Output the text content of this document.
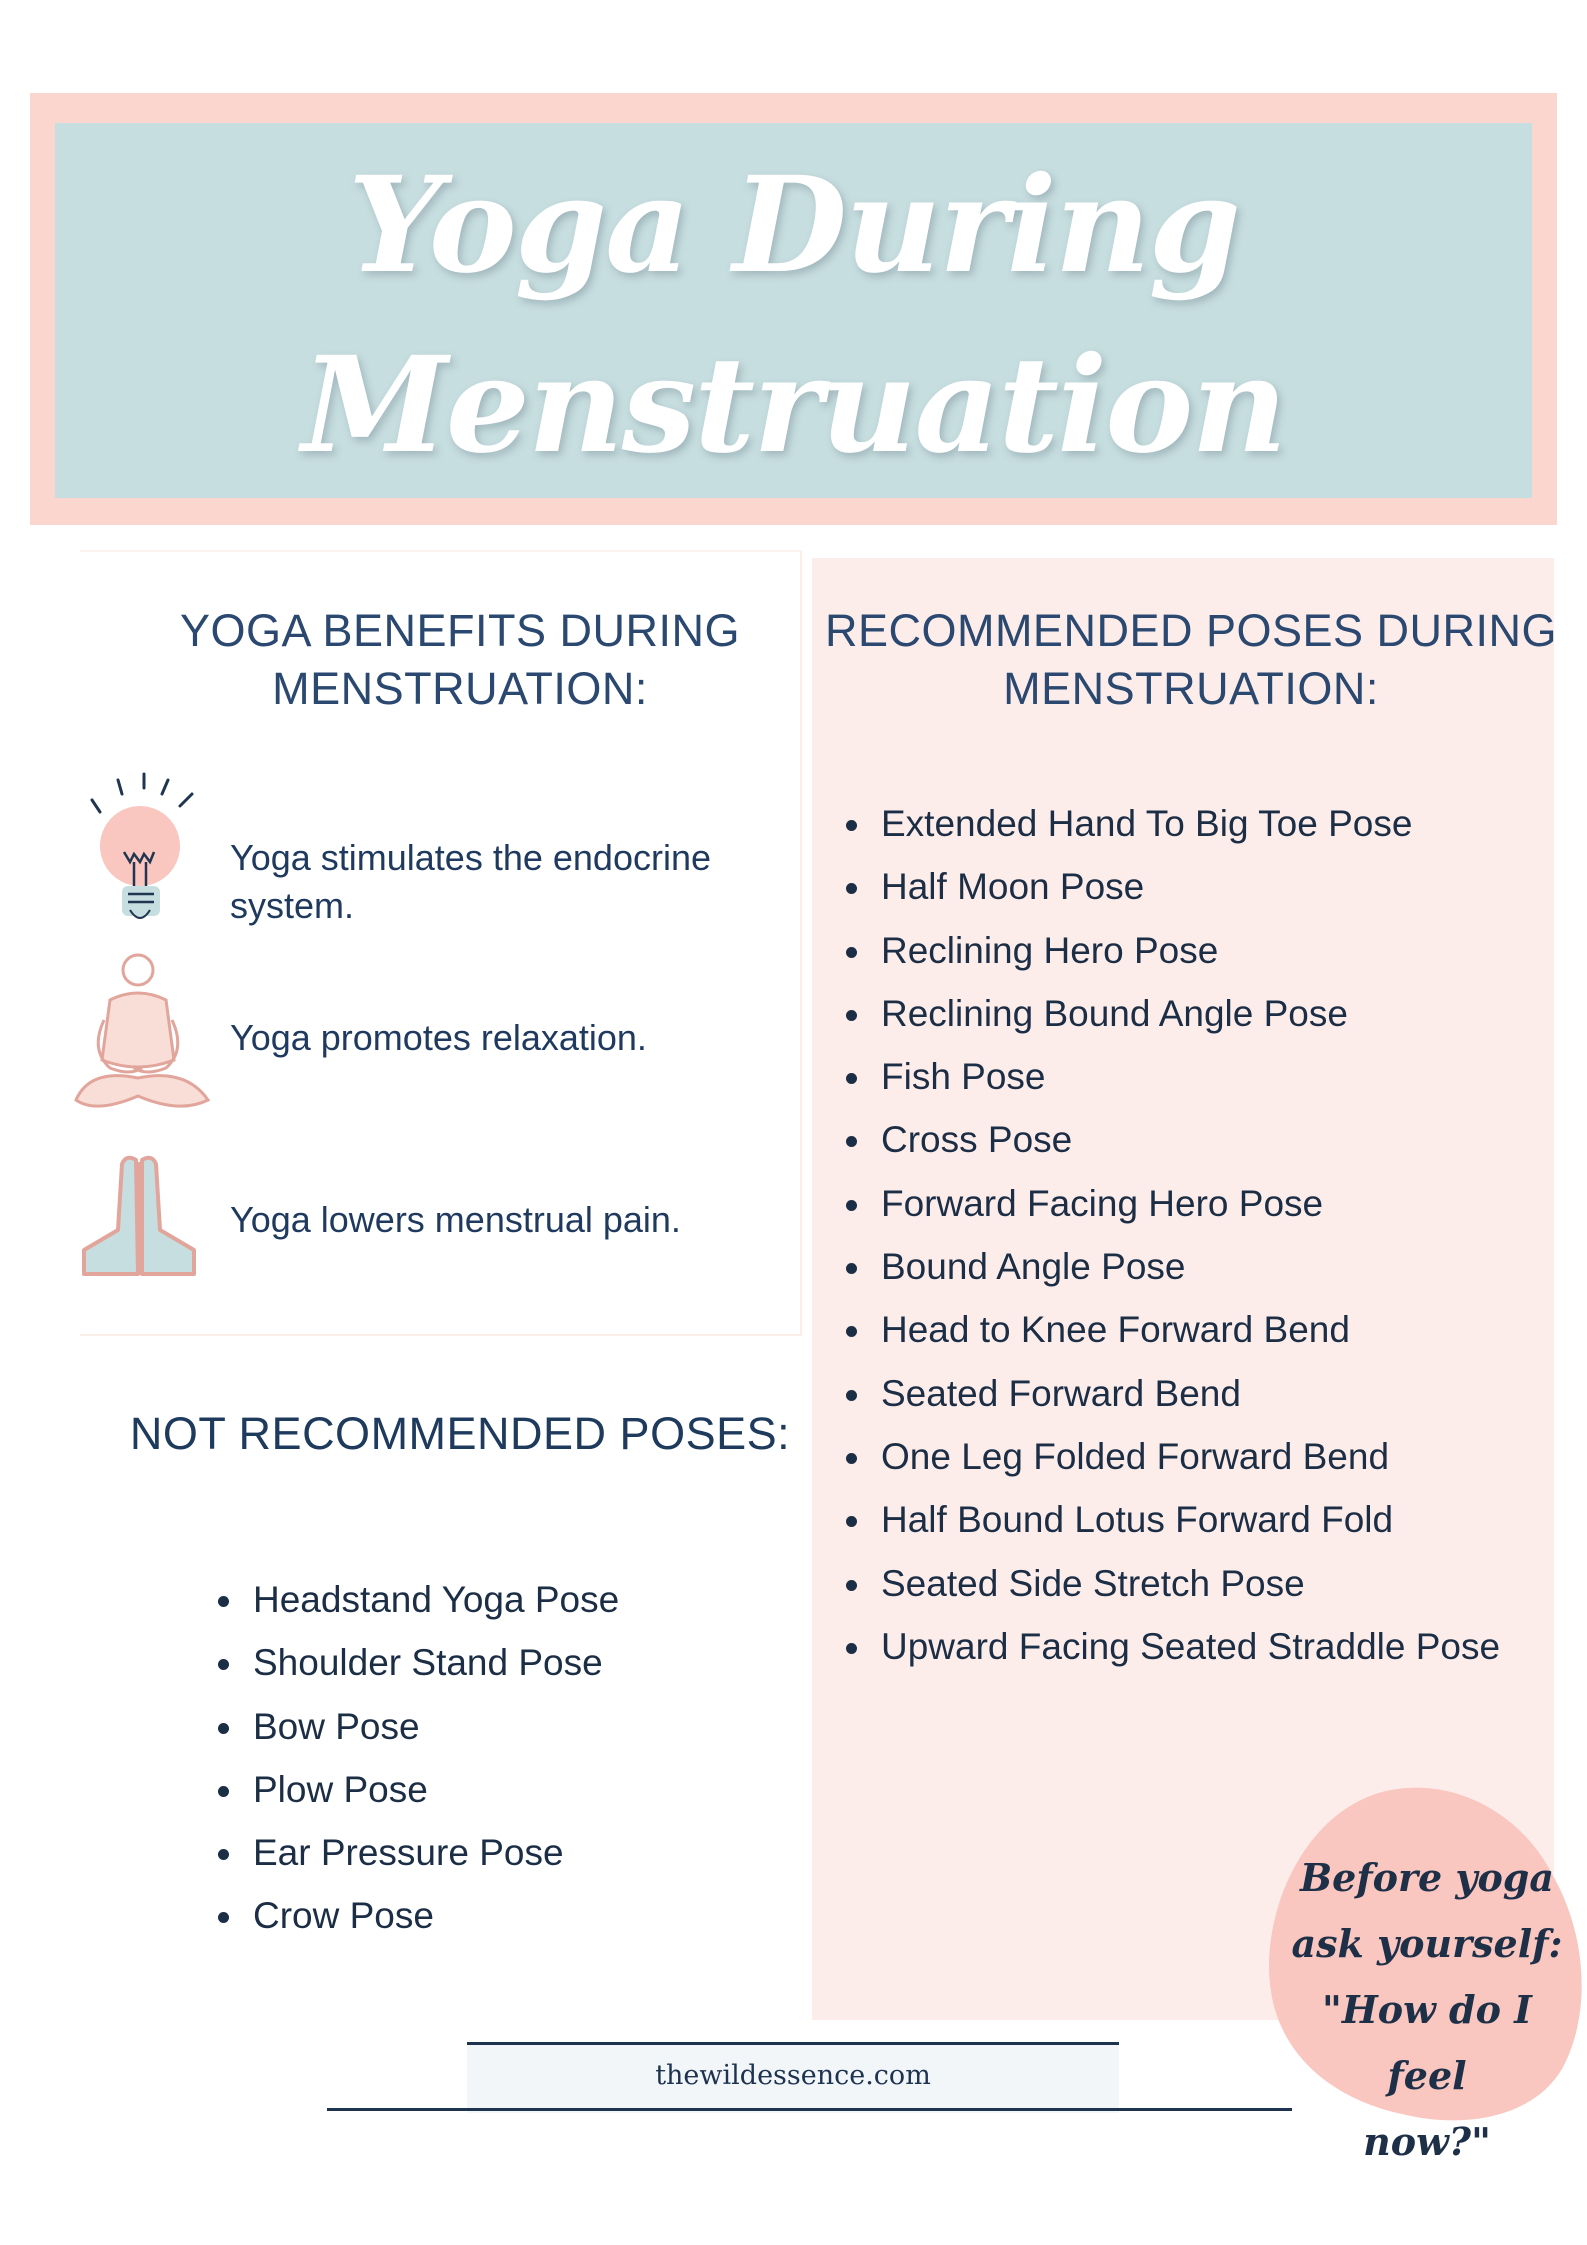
Yoga During
Menstruation
YOGA BENEFITS DURING MENSTRUATION:
Yoga stimulates the endocrine system.
Yoga promotes relaxation.
Yoga lowers menstrual pain.
NOT RECOMMENDED POSES:
Headstand Yoga Pose
Shoulder Stand Pose
Bow Pose
Plow Pose
Ear Pressure Pose
Crow Pose
RECOMMENDED POSES DURING MENSTRUATION:
Extended Hand To Big Toe Pose
Half Moon Pose
Reclining Hero Pose
Reclining Bound Angle Pose
Fish Pose
Cross Pose
Forward Facing Hero Pose
Bound Angle Pose
Head to Knee Forward Bend
Seated Forward Bend
One Leg Folded Forward Bend
Half Bound Lotus Forward Fold
Seated Side Stretch Pose
Upward Facing Seated Straddle Pose
thewildessence.com
Before yoga
ask yourself:
"How do I feel
now?"
